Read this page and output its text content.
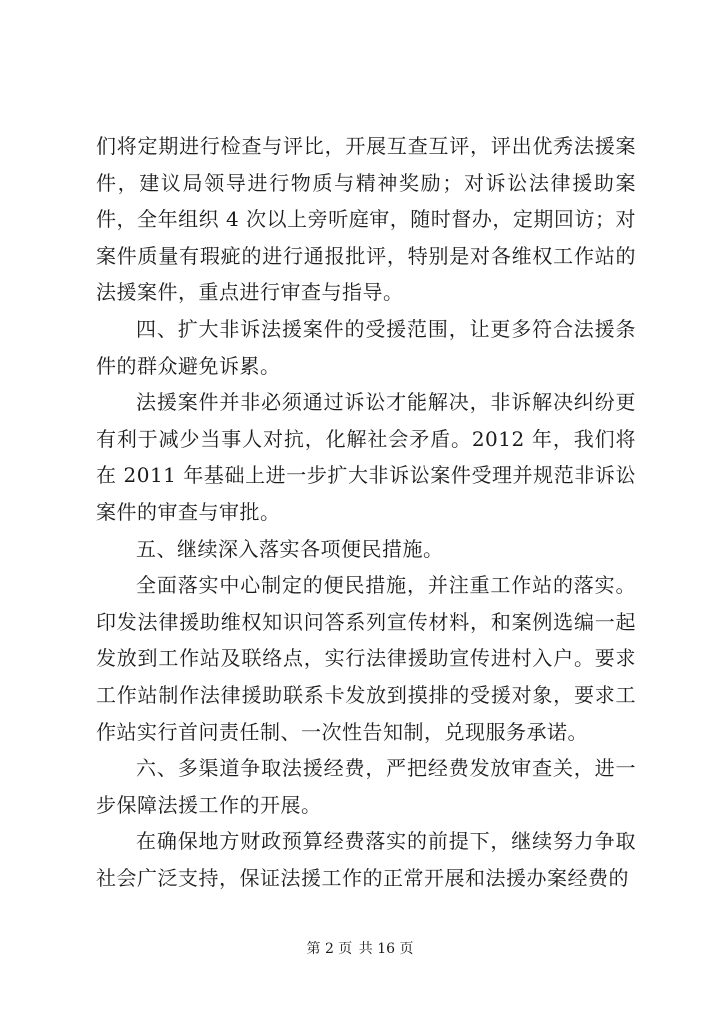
们将定期进行检查与评比，开展互查互评，评出优秀法援案件，建议局领导进行物质与精神奖励；对诉讼法律援助案件，全年组织 4 次以上旁听庭审，随时督办，定期回访；对案件质量有瑕疵的进行通报批评，特别是对各维权工作站的法援案件，重点进行审查与指导。

四、扩大非诉法援案件的受援范围，让更多符合法援条件的群众避免诉累。

法援案件并非必须通过诉讼才能解决，非诉解决纠纷更有利于减少当事人对抗，化解社会矛盾。2012 年，我们将在 2011 年基础上进一步扩大非诉讼案件受理并规范非诉讼案件的审查与审批。

五、继续深入落实各项便民措施。

全面落实中心制定的便民措施，并注重工作站的落实。印发法律援助维权知识问答系列宣传材料，和案例选编一起发放到工作站及联络点，实行法律援助宣传进村入户。要求工作站制作法律援助联系卡发放到摸排的受援对象，要求工作站实行首问责任制、一次性告知制，兑现服务承诺。

六、多渠道争取法援经费，严把经费发放审查关，进一步保障法援工作的开展。

在确保地方财政预算经费落实的前提下，继续努力争取社会广泛支持，保证法援工作的正常开展和法援办案经费的

第 2 页 共 16 页
